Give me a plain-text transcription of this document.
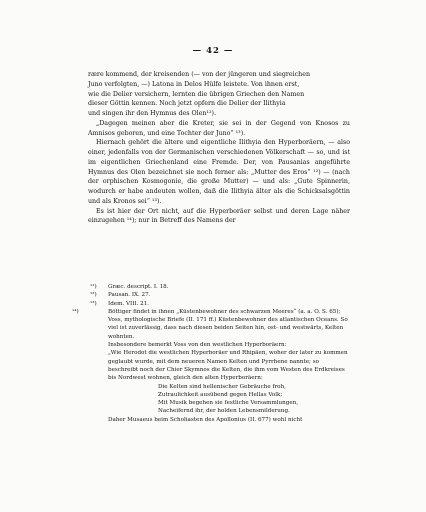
— 42 —

rære kommend, der kreisenden (— von der jüngeren und siegreichen

Juno verfolgten, —) Latona in Delos Hülfe leistete. Von ihnen erst,

wie die Delier versichern, lernten die übrigen Griechen den Namen

dieser Göttin kennen. Noch jetzt opfern die Delier der Ilithyia

und singen ihr den Hymnus des Olen¹²).

„Dagegen meinen aber die Kreter, sie sei in der Gegend von Knosos zu Amnisos geboren, und eine Tochter der Juno“ ¹³).

Hiernach gehört die ältere und eigentliche Ilithyia den Hyperboräern, — also einer, jedenfalls von der Germanischen verschiedenen Völkerschaft — so, und ist im eigentlichen Griechenland eine Fremde. Der, von Pausanias angeführte Hymnus des Olen bezeichnet sie noch ferner als: „Mutter des Eros“ ¹²) — (nach der orphischen Kosmogonie, die große Mutter) — und als: „Gute Spinnerin, wodurch er habe andeuten wollen, daß die Ilithyia älter als die Schicksalsgöttin und als Kronos sei“ ¹³).

Es ist hier der Ort nicht, auf die Hyperboräer selbst und deren Lage näher einzugehen ¹⁴); nur in Betreff des Namens der

¹¹) Græc. descript. I. 18.

¹²) Pausan. IX. 27.

¹³) Idem. VIII. 21.

¹⁴)	Böttiger findet in ihnen „Küstenbewohner des schwarzen Meeres“ (a. a. O. S. 65); Voss, mythologische Briefe (II. 171 ff.) Küstenbewohner des atlantischen Oceans. So viel ist zuverlässig, dass nach diesen beiden Seiten hin, ost- und westwärts, Kelten wohnten.

Insbesondere bemerkt Voss von den westlichen Hyperboräern:

„Wie Herodot die westlichen Hyperboräer und Rhipäen, woher der later zu kommen geglaubt wurde, mit dem neueren Namen Kelten und Pyrrhene nannte; so beschreibt noch der Chier Skymnos die Kelten, die ihm vom Westen des Erdkreises bis Nordwest wohnen, gleich den alten Hyperboräern:

Die Kelten sind hellenischer Gebräuche froh,

Zutraulichkeit ausübend gegen Hellas Volk;

Mit Musik begehen sie festliche Versammlungen,

Nacheifernd ihr, der holden Lebensmilderung.

Daher Musaeus beim Scholiasten des Apollonius (II. 677) wohl nicht
